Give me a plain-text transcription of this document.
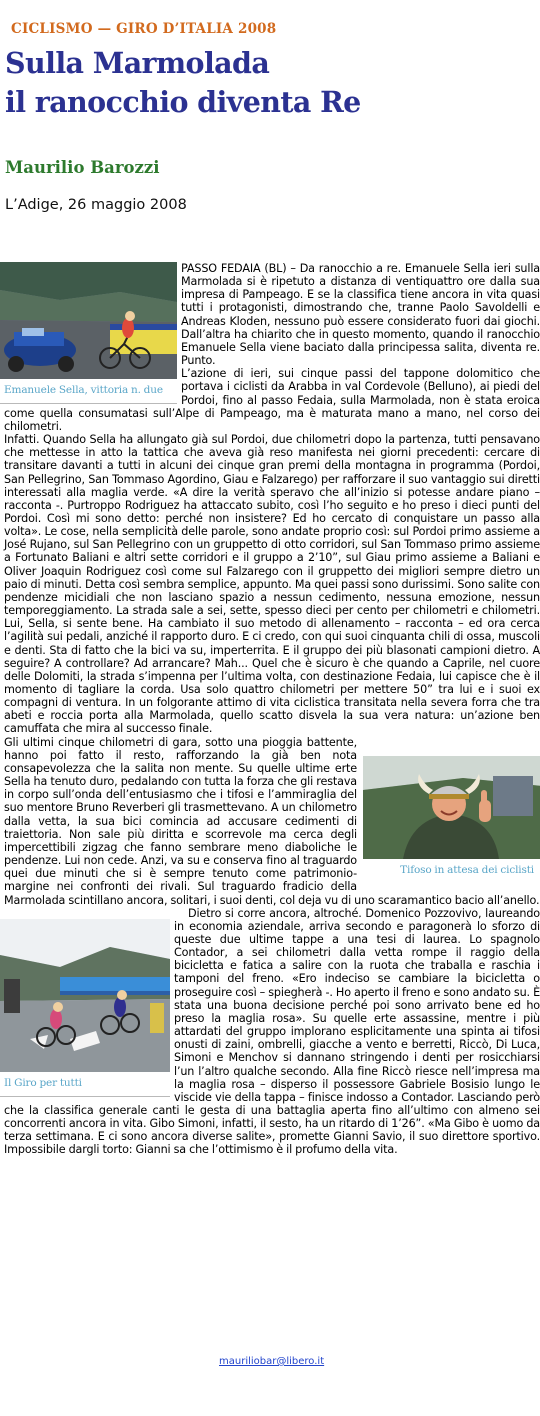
CICLISMO — GIRO D’ITALIA 2008
Sulla Marmolada
il ranocchio diventa Re
Maurilio Barozzi
L’Adige, 26 maggio 2008
Emanuele Sella, vittoria n. due

PASSO FEDAIA (BL) – Da ranocchio a re. Emanuele Sella ieri sulla Marmolada si è ripetuto a distanza di ventiquattro ore dalla sua impresa di Pampeago. E se la classifica tiene ancora in vita quasi tutti i protagonisti, dimostrando che, tranne Paolo Savoldelli e Andreas Kloden, nessuno può essere considerato fuori dai giochi. Dall’altra ha chiarito che in questo momento, quando il ranocchio Emanuele Sella viene baciato dalla principessa salita, diventa re. Punto.

L’azione di ieri, sui cinque passi del tappone dolomitico che portava i ciclisti da Arabba in val Cordevole (Belluno), ai piedi del Pordoi, fino al passo Fedaia, sulla Marmolada, non è stata eroica come quella consumatasi sull’Alpe di Pampeago, ma è maturata mano a mano, nel corso dei chilometri.

Infatti. Quando Sella ha allungato già sul Pordoi, due chilometri dopo la partenza, tutti pensavano che mettesse in atto la tattica che aveva già reso manifesta nei giorni precedenti: cercare di transitare davanti a tutti in alcuni dei cinque gran premi della montagna in programma (Pordoi, San Pellegrino, San Tommaso Agordino, Giau e Falzarego) per rafforzare il suo vantaggio sui diretti interessati alla maglia verde. «A dire la verità speravo che all’inizio si potesse andare piano – racconta -. Purtroppo Rodriguez ha attaccato subito, così l’ho seguito e ho preso i dieci punti del Pordoi. Così mi sono detto: perché non insistere? Ed ho cercato di conquistare un passo alla volta». Le cose, nella semplicità delle parole, sono andate proprio così: sul Pordoi primo assieme a José Rujano, sul San Pellegrino con un gruppetto di otto corridori, sul San Tommaso primo assieme a Fortunato Baliani e altri sette corridori e il gruppo a 2’10”, sul Giau primo assieme a Baliani e Oliver Joaquin Rodriguez così come sul Falzarego con il gruppetto dei migliori sempre dietro un paio di minuti. Detta così sembra semplice, appunto. Ma quei passi sono durissimi. Sono salite con pendenze micidiali che non lasciano spazio a nessun cedimento, nessuna emozione, nessun temporeggiamento. La strada sale a sei, sette, spesso dieci per cento per chilometri e chilometri. Lui, Sella, si sente bene. Ha cambiato il suo metodo di allenamento – racconta – ed ora cerca l’agilità sui pedali, anziché il rapporto duro. E ci credo, con qui suoi cinquanta chili di ossa, muscoli e denti. Sta di fatto che la bici va su, imperterrita. E il gruppo dei più blasonati campioni dietro. A seguire? A controllare? Ad arrancare? Mah... Quel che è sicuro è che quando a Caprile, nel cuore delle Dolomiti, la strada s’impenna per l’ultima volta, con destinazione Fedaia, lui capisce che è il momento di tagliare la corda. Usa solo quattro chilometri per mettere 50” tra lui e i suoi ex compagni di ventura. In un folgorante attimo di vita ciclistica transitata nella severa forra che tra abeti e roccia porta alla Marmolada, quello scatto disvela la sua vera natura: un’azione ben camuffata che mira al successo finale.

Tifoso in attesa dei ciclisti

Gli ultimi cinque chilometri di gara, sotto una pioggia battente, hanno poi fatto il resto, rafforzando la già ben nota consapevolezza che la salita non mente. Su quelle ultime erte Sella ha tenuto duro, pedalando con tutta la forza che gli restava in corpo sull’onda dell’entusiasmo che i tifosi e l’ammiraglia del suo mentore Bruno Reverberi gli trasmettevano. A un chilometro dalla vetta, la sua bici comincia ad accusare cedimenti di traiettoria. Non sale più diritta e scorrevole ma cerca degli impercettibili zigzag che fanno sembrare meno diaboliche le pendenze. Lui non cede. Anzi, va su e conserva fino al traguardo quei due minuti che si è sempre tenuto come patrimonio-margine nei confronti dei rivali. Sul traguardo fradicio della Marmolada scintillano ancora, solitari, i suoi denti, col deja vu di uno scaramantico bacio all’anello.

Il Giro per tutti

Dietro si corre ancora, altroché. Domenico Pozzovivo, laureando in economia aziendale, arriva secondo e paragonerà lo sforzo di queste due ultime tappe a una tesi di laurea. Lo spagnolo Contador, a sei chilometri dalla vetta rompe il raggio della bicicletta e fatica a salire con la ruota che traballa e raschia i tamponi del freno. «Ero indeciso se cambiare la bicicletta o proseguire così – spiegherà -. Ho aperto il freno e sono andato su. È stata una buona decisione perché poi sono arrivato bene ed ho preso la maglia rosa». Su quelle erte assassine, mentre i più attardati del gruppo implorano esplicitamente una spinta ai tifosi onusti di zaini, ombrelli, giacche a vento e berretti, Riccò, Di Luca, Simoni e Menchov si dannano stringendo i denti per rosicchiarsi l’un l’altro qualche secondo. Alla fine Riccò riesce nell’impresa ma la maglia rosa – disperso il possessore Gabriele Bosisio lungo le viscide vie della tappa – finisce indosso a Contador. Lasciando però che la classifica generale canti le gesta di una battaglia aperta fino all’ultimo con almeno sei concorrenti ancora in vita. Gibo Simoni, infatti, il sesto, ha un ritardo di 1’26”. «Ma Gibo è uomo da terza settimana. E ci sono ancora diverse salite», promette Gianni Savio, il suo direttore sportivo. Impossibile dargli torto: Gianni sa che l’ottimismo è il profumo della vita.

mauriliobar@libero.it
